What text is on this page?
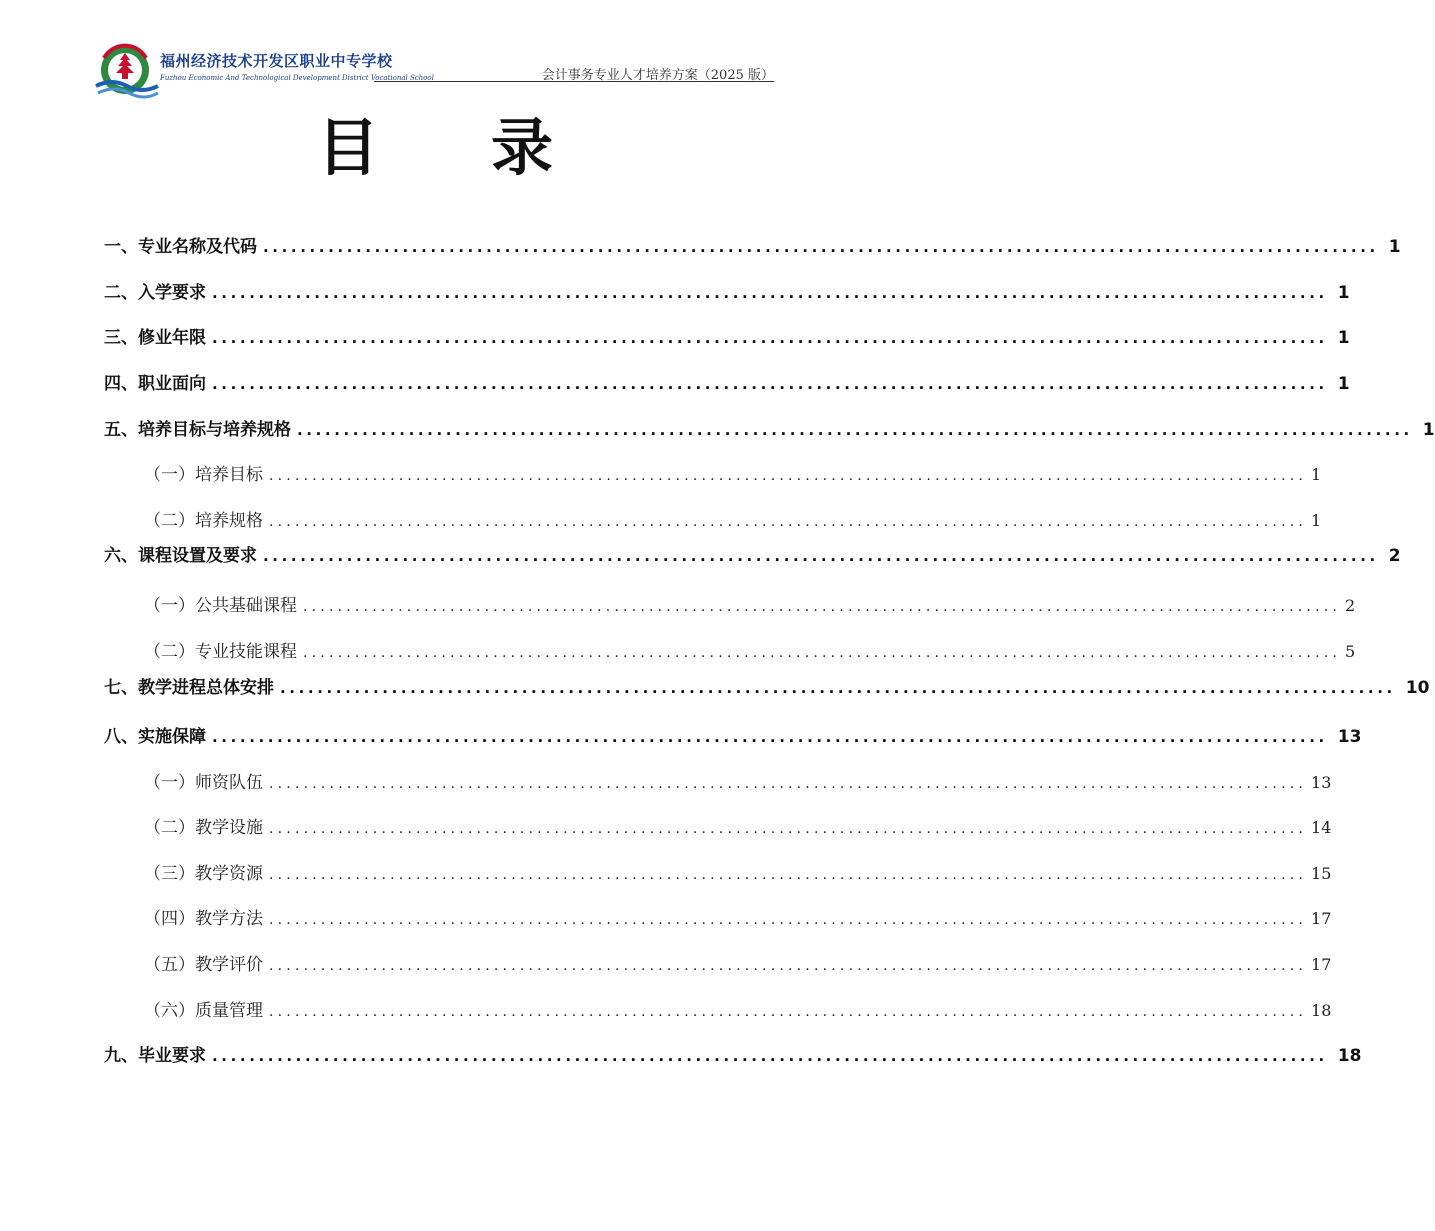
福州经济技术开发区职业中专学校
Fuzhou Economic And Technological Development District Vocational School	会计事务专业人才培养方案（2025 版）
目录
一、专业名称及代码 ........................................................................................................................ 1
二、入学要求 ........................................................................................................................ 1
三、修业年限 ........................................................................................................................ 1
四、职业面向 ........................................................................................................................ 1
五、培养目标与培养规格 ........................................................................................................................ 1
（一）培养目标 ........................................................................................................................ 1
（二）培养规格 ........................................................................................................................ 1
六、课程设置及要求 ........................................................................................................................ 2
（一）公共基础课程 ........................................................................................................................ 2
（二）专业技能课程 ........................................................................................................................ 5
七、教学进程总体安排 ........................................................................................................................ 10
八、实施保障 ........................................................................................................................ 13
（一）师资队伍 ........................................................................................................................ 13
（二）教学设施 ........................................................................................................................ 14
（三）教学资源 ........................................................................................................................ 15
（四）教学方法 ........................................................................................................................ 17
（五）教学评价 ........................................................................................................................ 17
（六）质量管理 ........................................................................................................................ 18
九、毕业要求 ........................................................................................................................ 18
